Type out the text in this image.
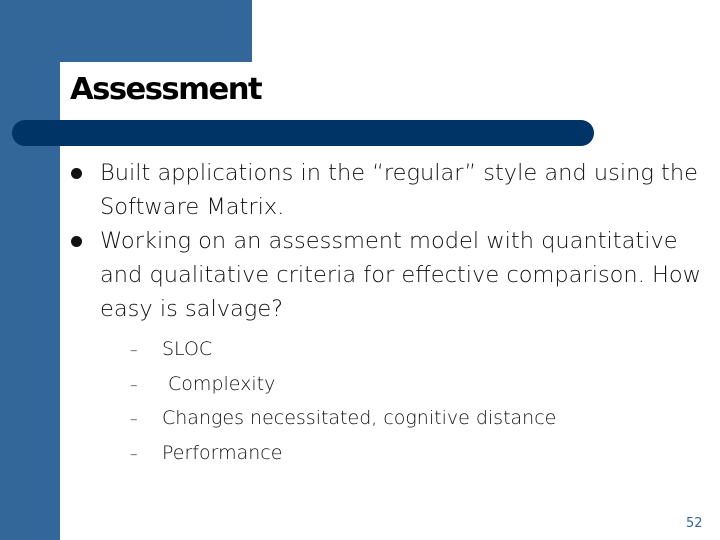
Assessment
Built applications in the “regular” style and using the Software Matrix.
Working on an assessment model with quantitative and qualitative criteria for effective comparison. How easy is salvage?
– SLOC
– Complexity
– Changes necessitated, cognitive distance
– Performance
52
